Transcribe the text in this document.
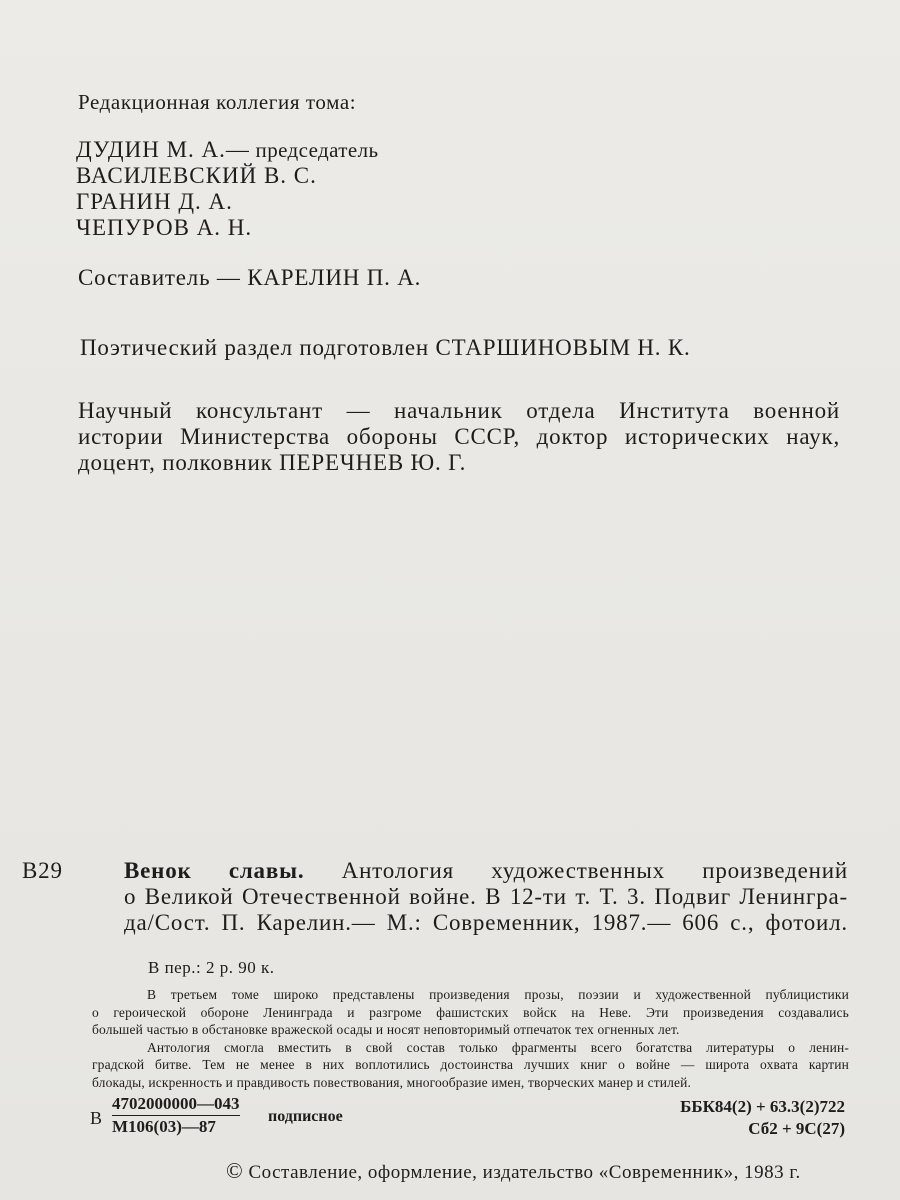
Редакционная коллегия тома:
ДУДИН М. А.— председатель
ВАСИЛЕВСКИЙ В. С.
ГРАНИН Д. А.
ЧЕПУРОВ А. Н.
Составитель — КАРЕЛИН П. А.
Поэтический раздел подготовлен СТАРШИНОВЫМ Н. К.
Научный консультант — начальник отдела Института военной
истории Министерства обороны СССР, доктор исторических наук,
доцент, полковник ПЕРЕЧНЕВ Ю. Г.
В29	Венок славы. Антология художественных произведений
о Великой Отечественной войне. В 12-ти т. Т. 3. Подвиг Ленингра-
да/Сост. П. Карелин.— М.: Современник, 1987.— 606 с., фотоил.
В пер.: 2 р. 90 к.
В третьем томе широко представлены произведения прозы, поэзии и художественной публицистики
о героической обороне Ленинграда и разгроме фашистских войск на Неве. Эти произведения создавались
большей частью в обстановке вражеской осады и носят неповторимый отпечаток тех огненных лет.
Антология смогла вместить в свой состав только фрагменты всего богатства литературы о ленин-
градской битве. Тем не менее в них воплотились достоинства лучших книг о войне — широта охвата картин
блокады, искренность и правдивость повествования, многообразие имен, творческих манер и стилей.
В
4702000000—043
М106(03)—87
подписное
ББК84(2) + 63.3(2)722
Сб2 + 9С(27)
© Составление, оформление, издательство «Современник», 1983 г.
